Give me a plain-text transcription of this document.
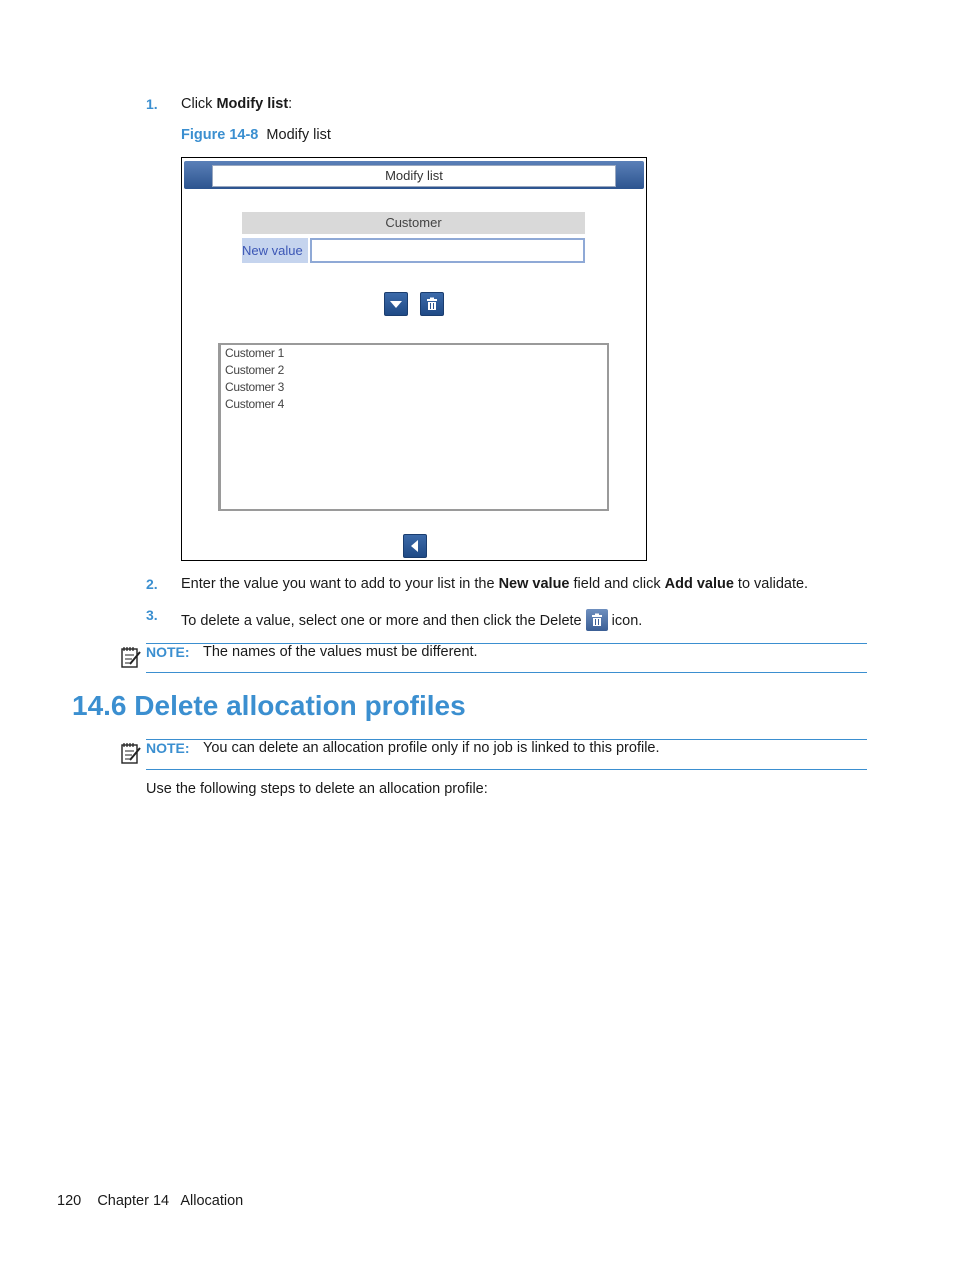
1. Click Modify list:
Figure 14-8 Modify list
Modify list
Customer
New value
Customer 1
Customer 2
Customer 3
Customer 4
2. Enter the value you want to add to your list in the New value field and click Add value to validate.
3. To delete a value, select one or more and then click the Delete  icon.
NOTE: The names of the values must be different.
14.6 Delete allocation profiles
NOTE: You can delete an allocation profile only if no job is linked to this profile.
Use the following steps to delete an allocation profile:
120 Chapter 14 Allocation
